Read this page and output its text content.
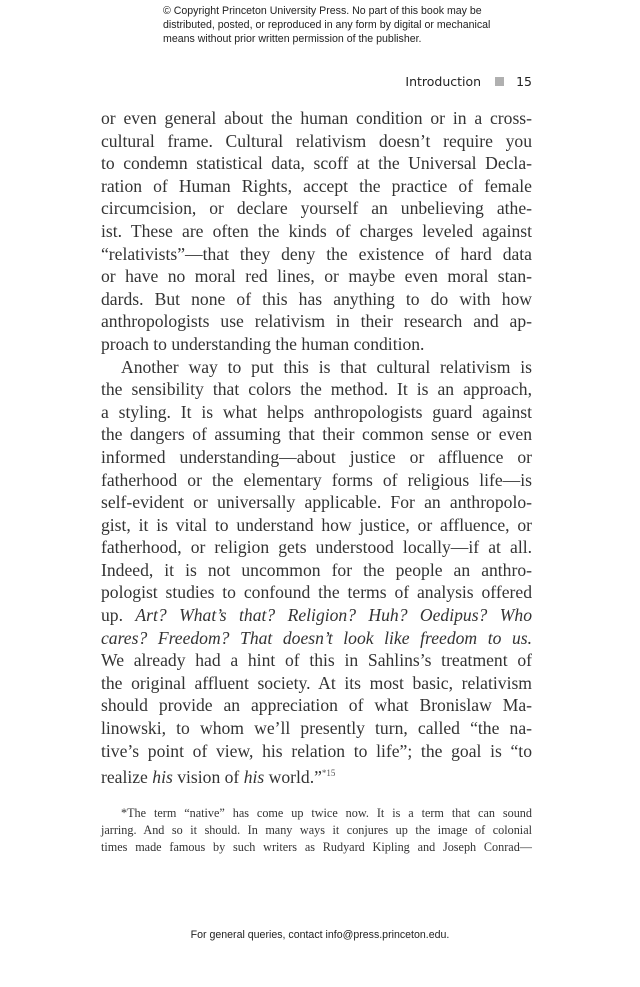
© Copyright Princeton University Press. No part of this book may be
distributed, posted, or reproduced in any form by digital or mechanical
means without prior written permission of the publisher.
Introduction	15

or even general about the human condition or in a cross-
cultural frame. Cultural relativism doesn’t require you
to condemn statistical data, scoff at the Universal Decla-
ration of Human Rights, accept the practice of female
circumcision, or declare yourself an unbelieving athe-
ist. These are often the kinds of charges leveled against
“relativists”—that they deny the existence of hard data
or have no moral red lines, or maybe even moral stan-
dards. But none of this has anything to do with how
anthropologists use relativism in their research and ap-
proach to understanding the human condition.

Another way to put this is that cultural relativism is
the sensibility that colors the method. It is an approach,
a styling. It is what helps anthropologists guard against
the dangers of assuming that their common sense or even
informed understanding—about justice or affluence or
fatherhood or the elementary forms of religious life—is
self-evident or universally applicable. For an anthropolo-
gist, it is vital to understand how justice, or affluence, or
fatherhood, or religion gets understood locally—if at all.
Indeed, it is not uncommon for the people an anthro-
pologist studies to confound the terms of analysis offered
up. Art? What’s that? Religion? Huh? Oedipus? Who
cares? Freedom? That doesn’t look like freedom to us.
We already had a hint of this in Sahlins’s treatment of
the original affluent society. At its most basic, relativism
should provide an appreciation of what Bronislaw Ma-
linowski, to whom we’ll presently turn, called “the na-
tive’s point of view, his relation to life”; the goal is “to
realize his vision of his world.”$^{*15}$

*The term “native” has come up twice now. It is a term that can sound
jarring. And so it should. In many ways it conjures up the image of colonial
times made famous by such writers as Rudyard Kipling and Joseph Conrad—
For general queries, contact info@press.princeton.edu.
